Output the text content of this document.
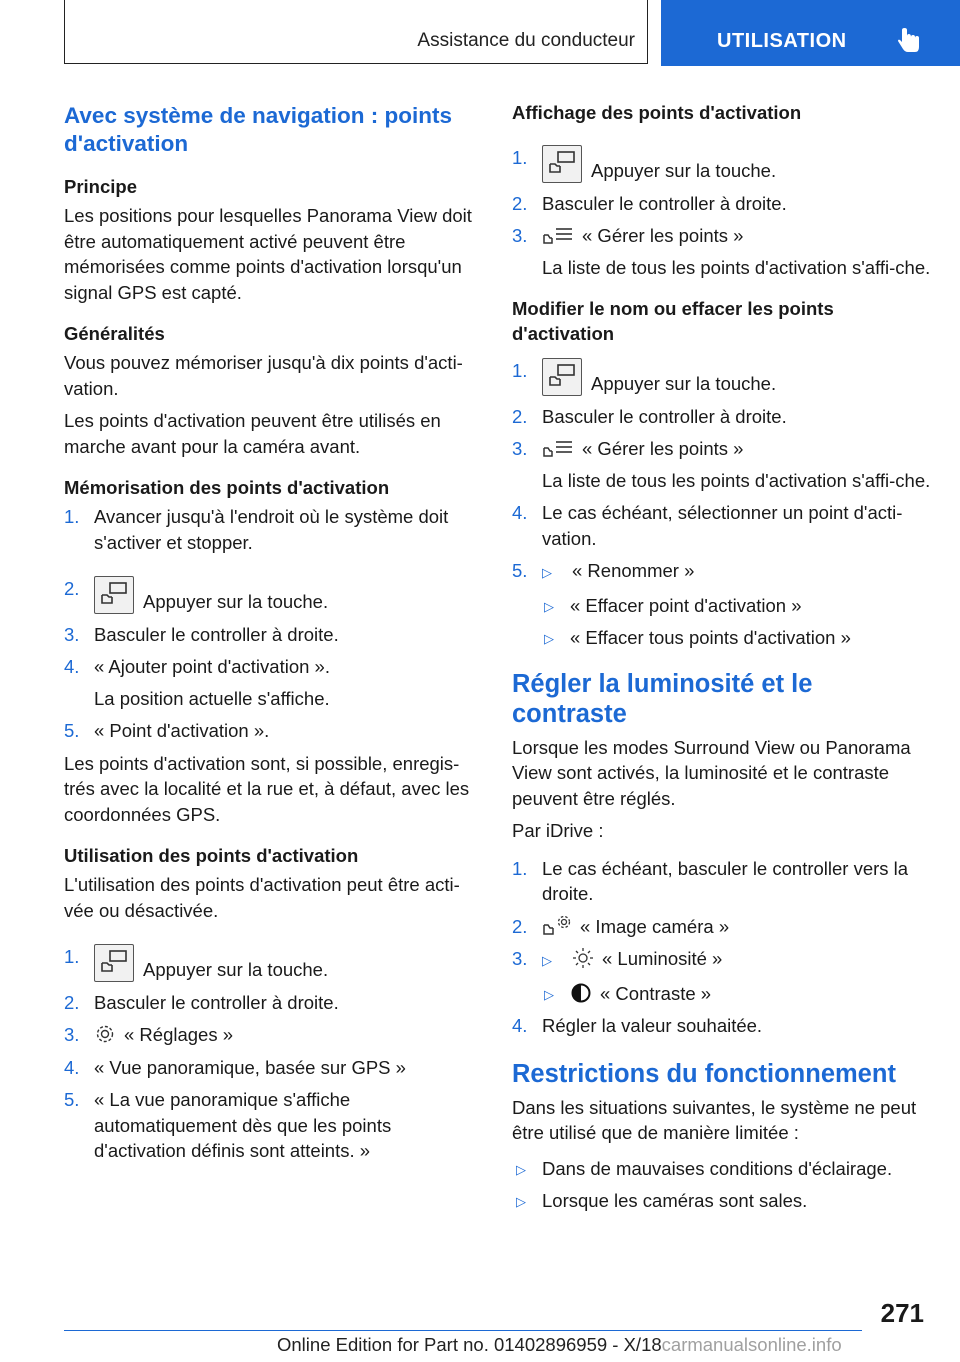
Assistance du conducteur	UTILISATION
Avec système de navigation : points d'activation
Principe

Les positions pour lesquelles Panorama View doit être automatiquement activé peuvent être mémorisées comme points d'activation lorsqu'un signal GPS est capté.

Généralités

Vous pouvez mémoriser jusqu'à dix points d'acti‐vation.

Les points d'activation peuvent être utilisés en marche avant pour la caméra avant.

Mémorisation des points d'activation
1. Avancer jusqu'à l'endroit où le système doit s'activer et stopper.
2.
Appuyer sur la touche.
3. Basculer le controller à droite.
4. « Ajouter point d'activation ».
La position actuelle s'affiche.
5. « Point d'activation ».

Les points d'activation sont, si possible, enregis‐trés avec la localité et la rue et, à défaut, avec les coordonnées GPS.

Utilisation des points d'activation

L'utilisation des points d'activation peut être acti‐vée ou désactivée.

1.
Appuyer sur la touche.
2. Basculer le controller à droite.
3. « Réglages »
4. « Vue panoramique, basée sur GPS »
5. « La vue panoramique s'affiche automatiquement dès que les points d'activation définis sont atteints. »
Affichage des points d'activation
1.
Appuyer sur la touche.
2. Basculer le controller à droite.
3.	« Gérer les points »
La liste de tous les points d'activation s'affi‐che.
Modifier le nom ou effacer les points d'activation
1.
Appuyer sur la touche.
2. Basculer le controller à droite.
3.	« Gérer les points »
La liste de tous les points d'activation s'affi‐che.
4. Le cas échéant, sélectionner un point d'acti‐vation.
5. ▷ « Renommer »
▷ « Effacer point d'activation »
▷ « Effacer tous points d'activation »
Régler la luminosité et le contraste

Lorsque les modes Surround View ou Panorama View sont activés, la luminosité et le contraste peuvent être réglés.

Par iDrive :

1. Le cas échéant, basculer le controller vers la droite.
2.	« Image caméra »
3. ▷	« Luminosité »
▷ « Contraste »
4. Régler la valeur souhaitée.
Restrictions du fonctionnement

Dans les situations suivantes, le système ne peut être utilisé que de manière limitée :

▷ Dans de mauvaises conditions d'éclairage.
▷ Lorsque les caméras sont sales.
271
Online Edition for Part no. 01402896959 - X/18carmanualsonline.info
